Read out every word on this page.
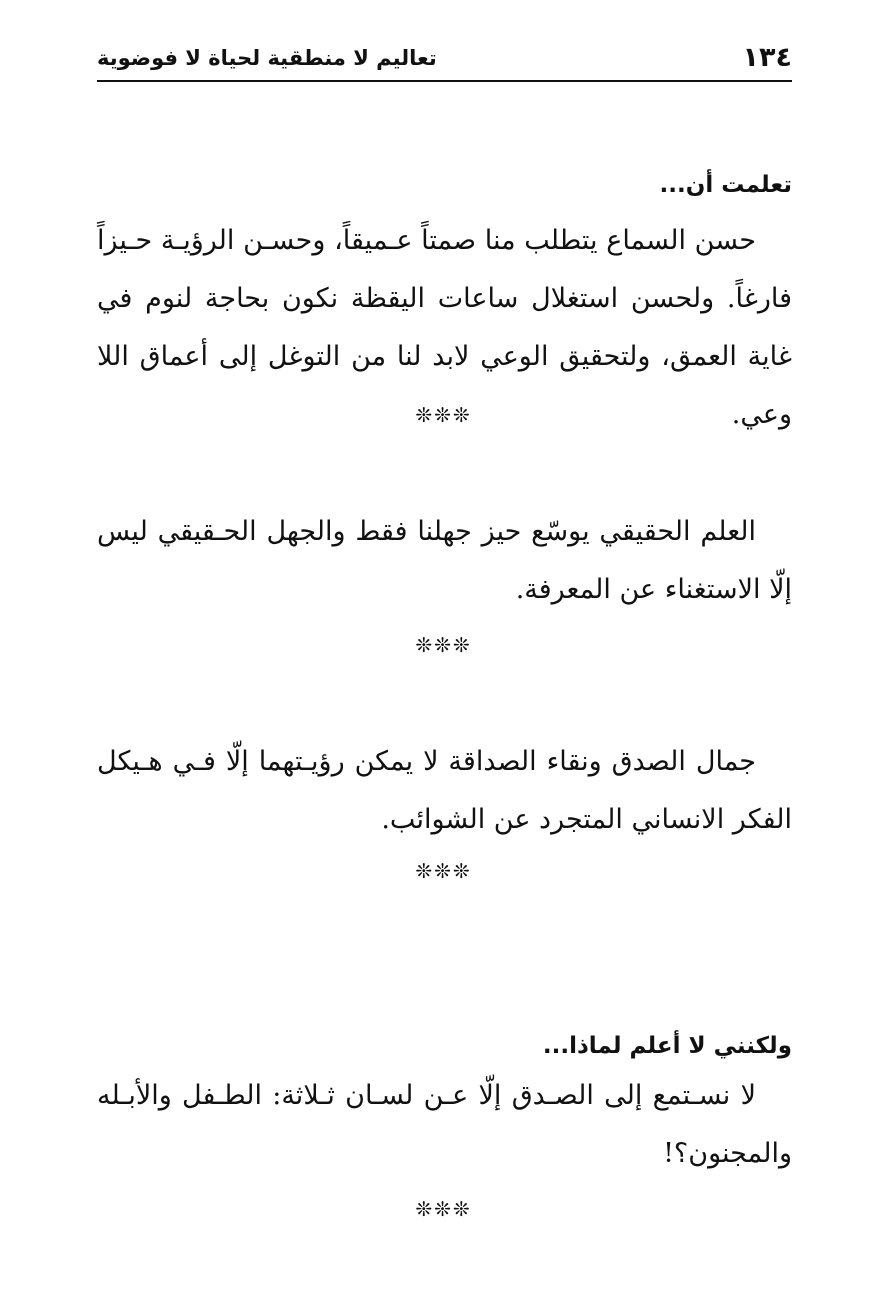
١٣٤
تعاليم لا منطقية لحياة لا فوضوية
تعلمت أن...
حسن السماع يتطلب منا صمتاً عـميقاً، وحسـن الرؤيـة حـيزاً فارغاً. ولحسن استغلال ساعات اليقظة نكون بحاجة لنوم في غاية العمق، ولتحقيق الوعي لابد لنا من التوغل إلى أعماق اللا وعي.
❊❊❊
العلم الحقيقي يوسّع حيز جهلنا فقط والجهل الحـقيقي ليس إلّا الاستغناء عن المعرفة.
❊❊❊
جمال الصدق ونقاء الصداقة لا يمكن رؤيـتهما إلّا فـي هـيكل الفكر الانساني المتجرد عن الشوائب.
❊❊❊
ولكنني لا أعلم لماذا...
لا نسـتمع إلى الصـدق إلّا عـن لسـان ثـلاثة: الطـفل والأبـله والمجنون؟!
❊❊❊
